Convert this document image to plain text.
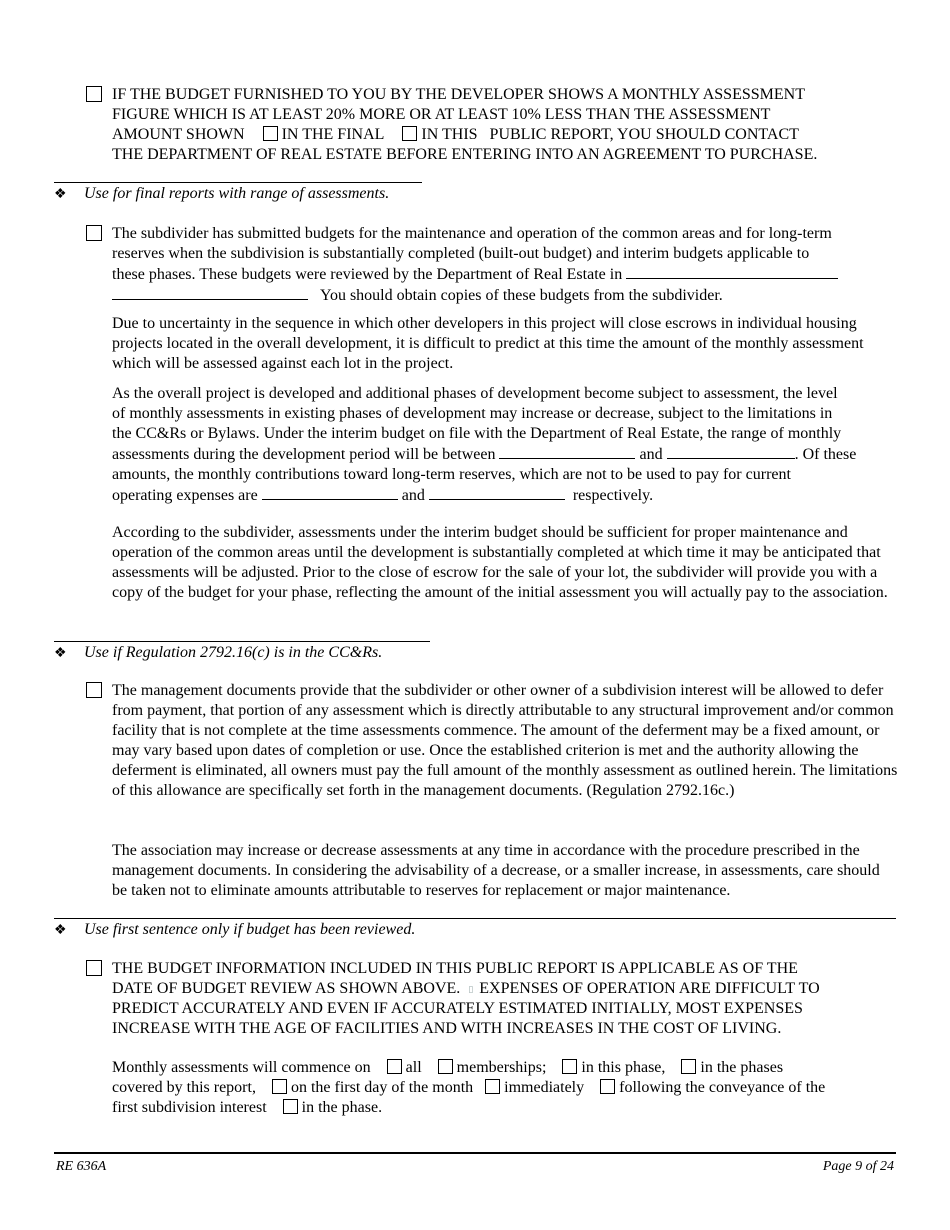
IF THE BUDGET FURNISHED TO YOU BY THE DEVELOPER SHOWS A MONTHLY ASSESSMENT
FIGURE WHICH IS AT LEAST 20% MORE OR AT LEAST 10% LESS THAN THE ASSESSMENT
AMOUNT SHOWN IN THE FINAL IN THIS   PUBLIC REPORT, YOU SHOULD CONTACT
THE DEPARTMENT OF REAL ESTATE BEFORE ENTERING INTO AN AGREEMENT TO PURCHASE.
❖ Use for final reports with range of assessments.
The subdivider has submitted budgets for the maintenance and operation of the common areas and for long-term
reserves when the subdivision is substantially completed (built-out budget) and interim budgets applicable to
these phases. These budgets were reviewed by the Department of Real Estate in
You should obtain copies of these budgets from the subdivider.

Due to uncertainty in the sequence in which other developers in this project will close escrows in individual housing projects located in the overall development, it is difficult to predict at this time the amount of the monthly assessment which will be assessed against each lot in the project.

As the overall project is developed and additional phases of development become subject to assessment, the level
of monthly assessments in existing phases of development may increase or decrease, subject to the limitations in
the CC&Rs or Bylaws. Under the interim budget on file with the Department of Real Estate, the range of monthly
assessments during the development period will be between	and	. Of these
amounts, the monthly contributions toward long-term reserves, which are not to be used to pay for current
operating expenses are	and	respectively.

According to the subdivider, assessments under the interim budget should be sufficient for proper maintenance and operation of the common areas until the development is substantially completed at which time it may be anticipated that assessments will be adjusted. Prior to the close of escrow for the sale of your lot, the subdivider will provide you with a copy of the budget for your phase, reflecting the amount of the initial assessment you will actually pay to the association.

❖ Use if Regulation 2792.16(c) is in the CC&Rs.

The management documents provide that the subdivider or other owner of a subdivision interest will be allowed to defer from payment, that portion of any assessment which is directly attributable to any structural improvement and/or common facility that is not complete at the time assessments commence. The amount of the deferment may be a fixed amount, or may vary based upon dates of completion or use. Once the established criterion is met and the authority allowing the deferment is eliminated, all owners must pay the full amount of the monthly assessment as outlined herein. The limitations of this allowance are specifically set forth in the management documents. (Regulation 2792.16c.)

The association may increase or decrease assessments at any time in accordance with the procedure prescribed in the management documents. In considering the advisability of a decrease, or a smaller increase, in assessments, care should be taken not to eliminate amounts attributable to reserves for replacement or major maintenance.

❖ Use first sentence only if budget has been reviewed.
THE BUDGET INFORMATION INCLUDED IN THIS PUBLIC REPORT IS APPLICABLE AS OF THE
DATE OF BUDGET REVIEW AS SHOWN ABOVE. ▯ EXPENSES OF OPERATION ARE DIFFICULT TO
PREDICT ACCURATELY AND EVEN IF ACCURATELY ESTIMATED INITIALLY, MOST EXPENSES
INCREASE WITH THE AGE OF FACILITIES AND WITH INCREASES IN THE COST OF LIVING.
Monthly assessments will commence on all memberships; in this phase, in the phases
covered by this report, on the first day of the month immediately following the conveyance of the
first subdivision interest in the phase.
RE 636A	Page 9 of 24
